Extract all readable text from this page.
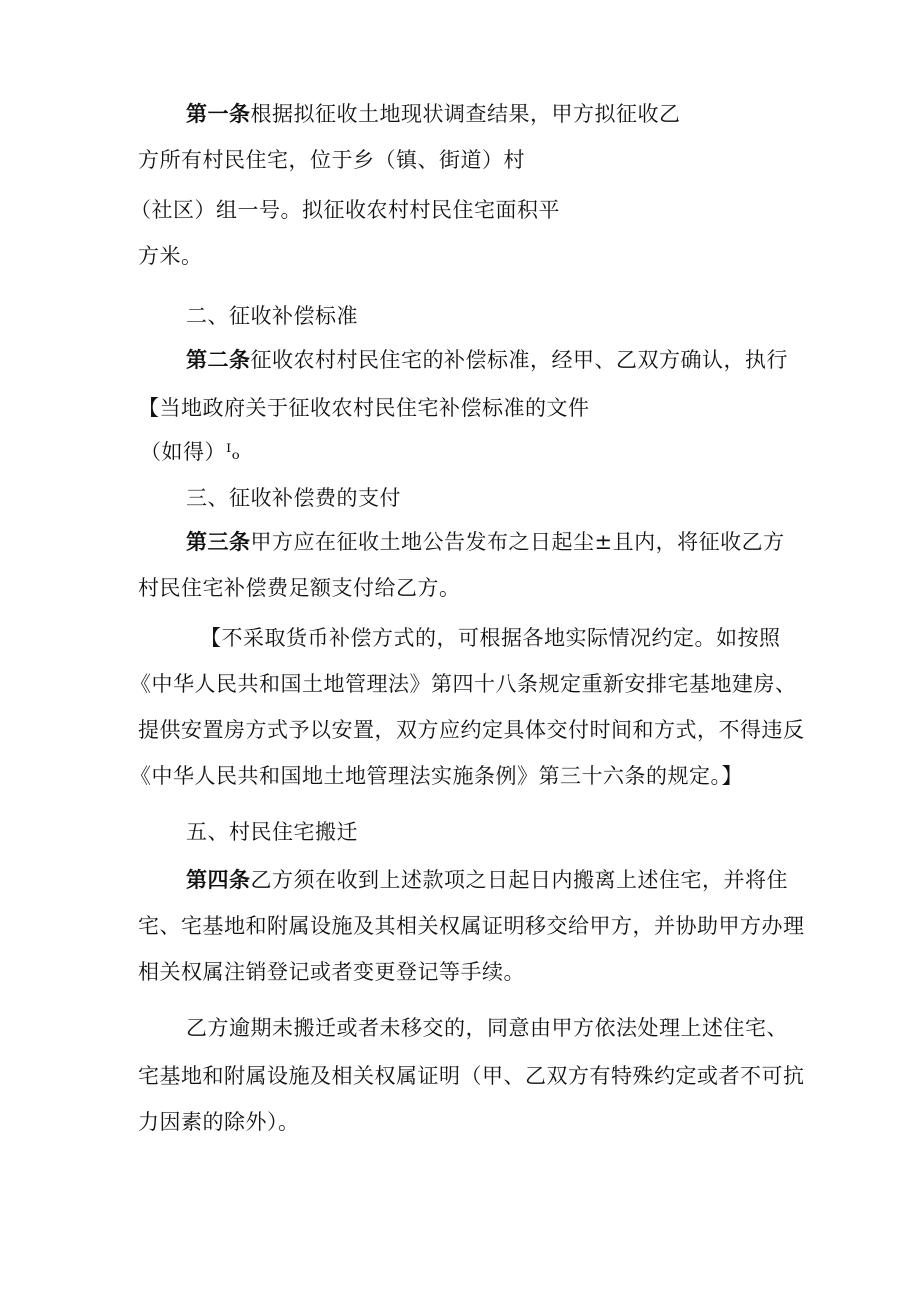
第一条根据拟征收土地现状调查结果，甲方拟征收乙
方所有村民住宅，位于乡（镇、街道）村
（社区）组一号。拟征收农村村民住宅面积平
方米。
二、征收补偿标准
第二条征收农村村民住宅的补偿标准，经甲、乙双方确认，执行
【当地政府关于征收农村民住宅补偿标准的文件
（如得）ᴵₒ
三、征收补偿费的支付
第三条甲方应在征收土地公告发布之日起尘±且内，将征收乙方
村民住宅补偿费足额支付给乙方。
【不采取货币补偿方式的，可根据各地实际情况约定。如按照
《中华人民共和国土地管理法》第四十八条规定重新安排宅基地建房、
提供安置房方式予以安置，双方应约定具体交付时间和方式，不得违反
《中华人民共和国地土地管理法实施条例》第三十六条的规定。】
五、村民住宅搬迁
第四条乙方须在收到上述款项之日起日内搬离上述住宅，并将住
宅、宅基地和附属设施及其相关权属证明移交给甲方，并协助甲方办理
相关权属注销登记或者变更登记等手续。
乙方逾期未搬迁或者未移交的，同意由甲方依法处理上述住宅、
宅基地和附属设施及相关权属证明（甲、乙双方有特殊约定或者不可抗
力因素的除外）。
